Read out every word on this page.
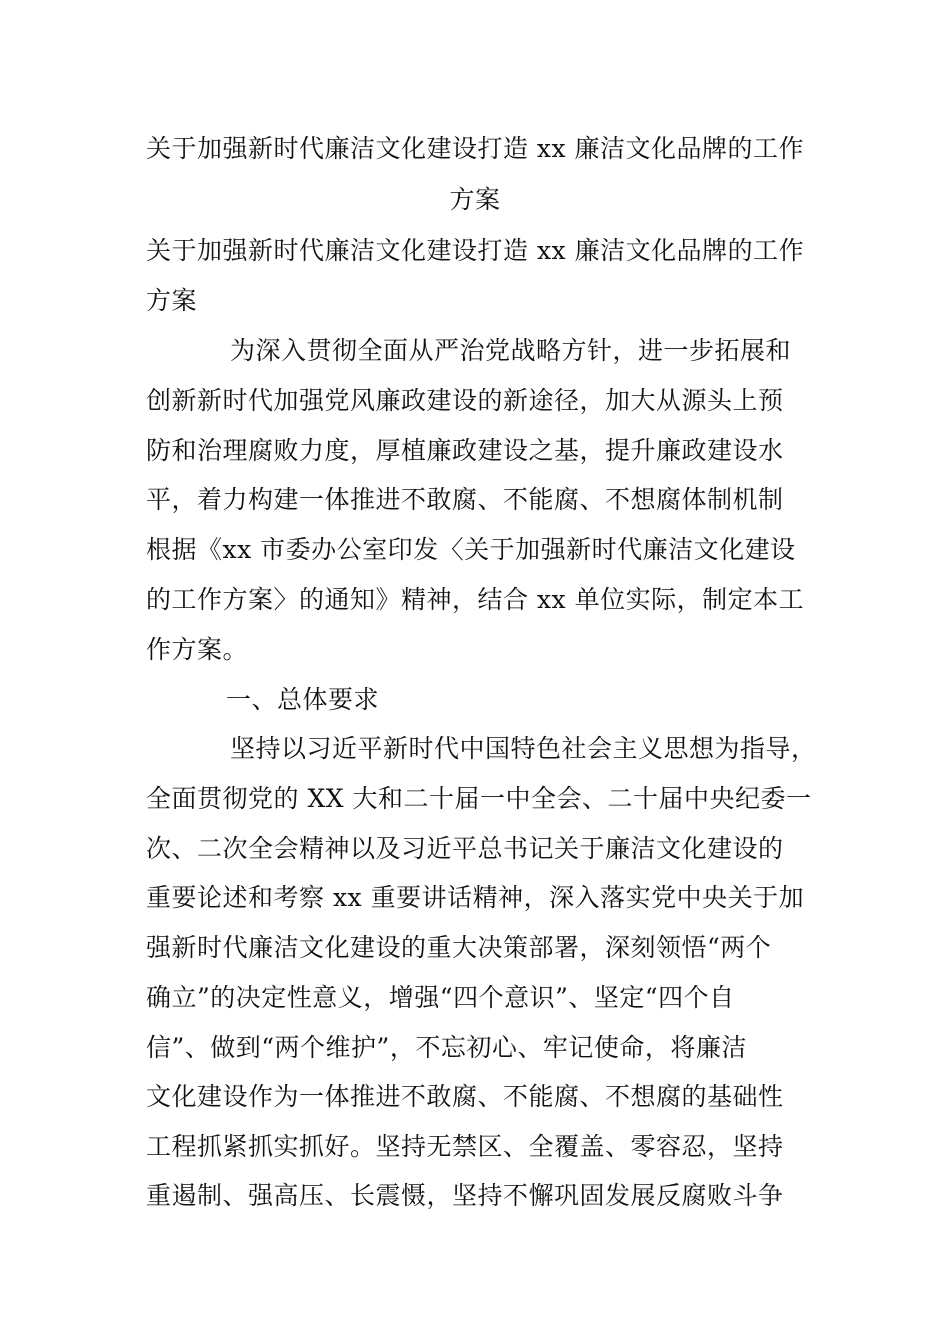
关于加强新时代廉洁文化建设打造 xx 廉洁文化品牌的工作
方案
关于加强新时代廉洁文化建设打造 xx 廉洁文化品牌的工作
方案
为深入贯彻全面从严治党战略方针，进一步拓展和
创新新时代加强党风廉政建设的新途径，加大从源头上预
防和治理腐败力度，厚植廉政建设之基，提升廉政建设水
平，着力构建一体推进不敢腐、不能腐、不想腐体制机制
根据《xx 市委办公室印发〈关于加强新时代廉洁文化建设
的工作方案〉的通知》精神，结合 xx 单位实际，制定本工
作方案。
一、总体要求
坚持以习近平新时代中国特色社会主义思想为指导，
全面贯彻党的 XX 大和二十届一中全会、二十届中央纪委一
次、二次全会精神以及习近平总书记关于廉洁文化建设的
重要论述和考察 xx 重要讲话精神，深入落实党中央关于加
强新时代廉洁文化建设的重大决策部署，深刻领悟“两个
确立”的决定性意义，增强“四个意识”、坚定“四个自
信”、做到“两个维护”，不忘初心、牢记使命，将廉洁
文化建设作为一体推进不敢腐、不能腐、不想腐的基础性
工程抓紧抓实抓好。坚持无禁区、全覆盖、零容忍，坚持
重遏制、强高压、长震慑，坚持不懈巩固发展反腐败斗争
